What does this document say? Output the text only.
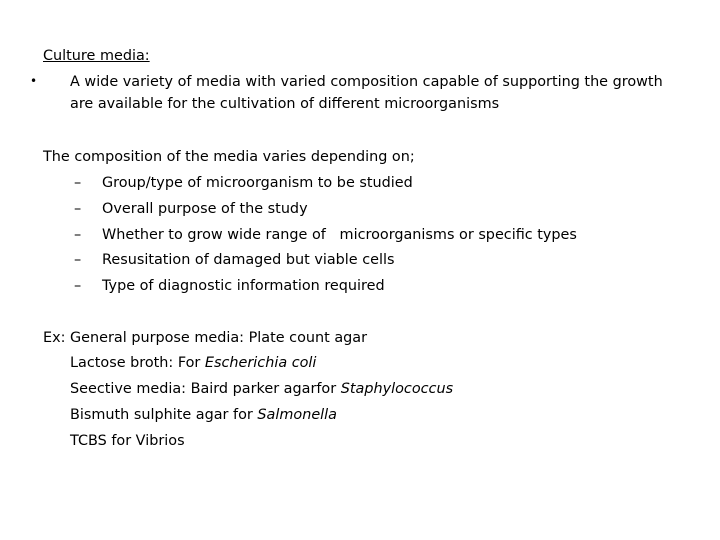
Culture media:
• A wide variety of media with varied composition capable of supporting the growth
are available for the cultivation of different microorganisms
The composition of the media varies depending on;
– Group/type of microorganism to be studied
– Overall purpose of the study
– Whether to grow wide range of   microorganisms or specific types
– Resusitation of damaged but viable cells
– Type of diagnostic information required
Ex: General purpose media: Plate count agar
Lactose broth: For Escherichia coli
Seective media: Baird parker agarfor Staphylococcus
Bismuth sulphite agar for Salmonella
TCBS for Vibrios
